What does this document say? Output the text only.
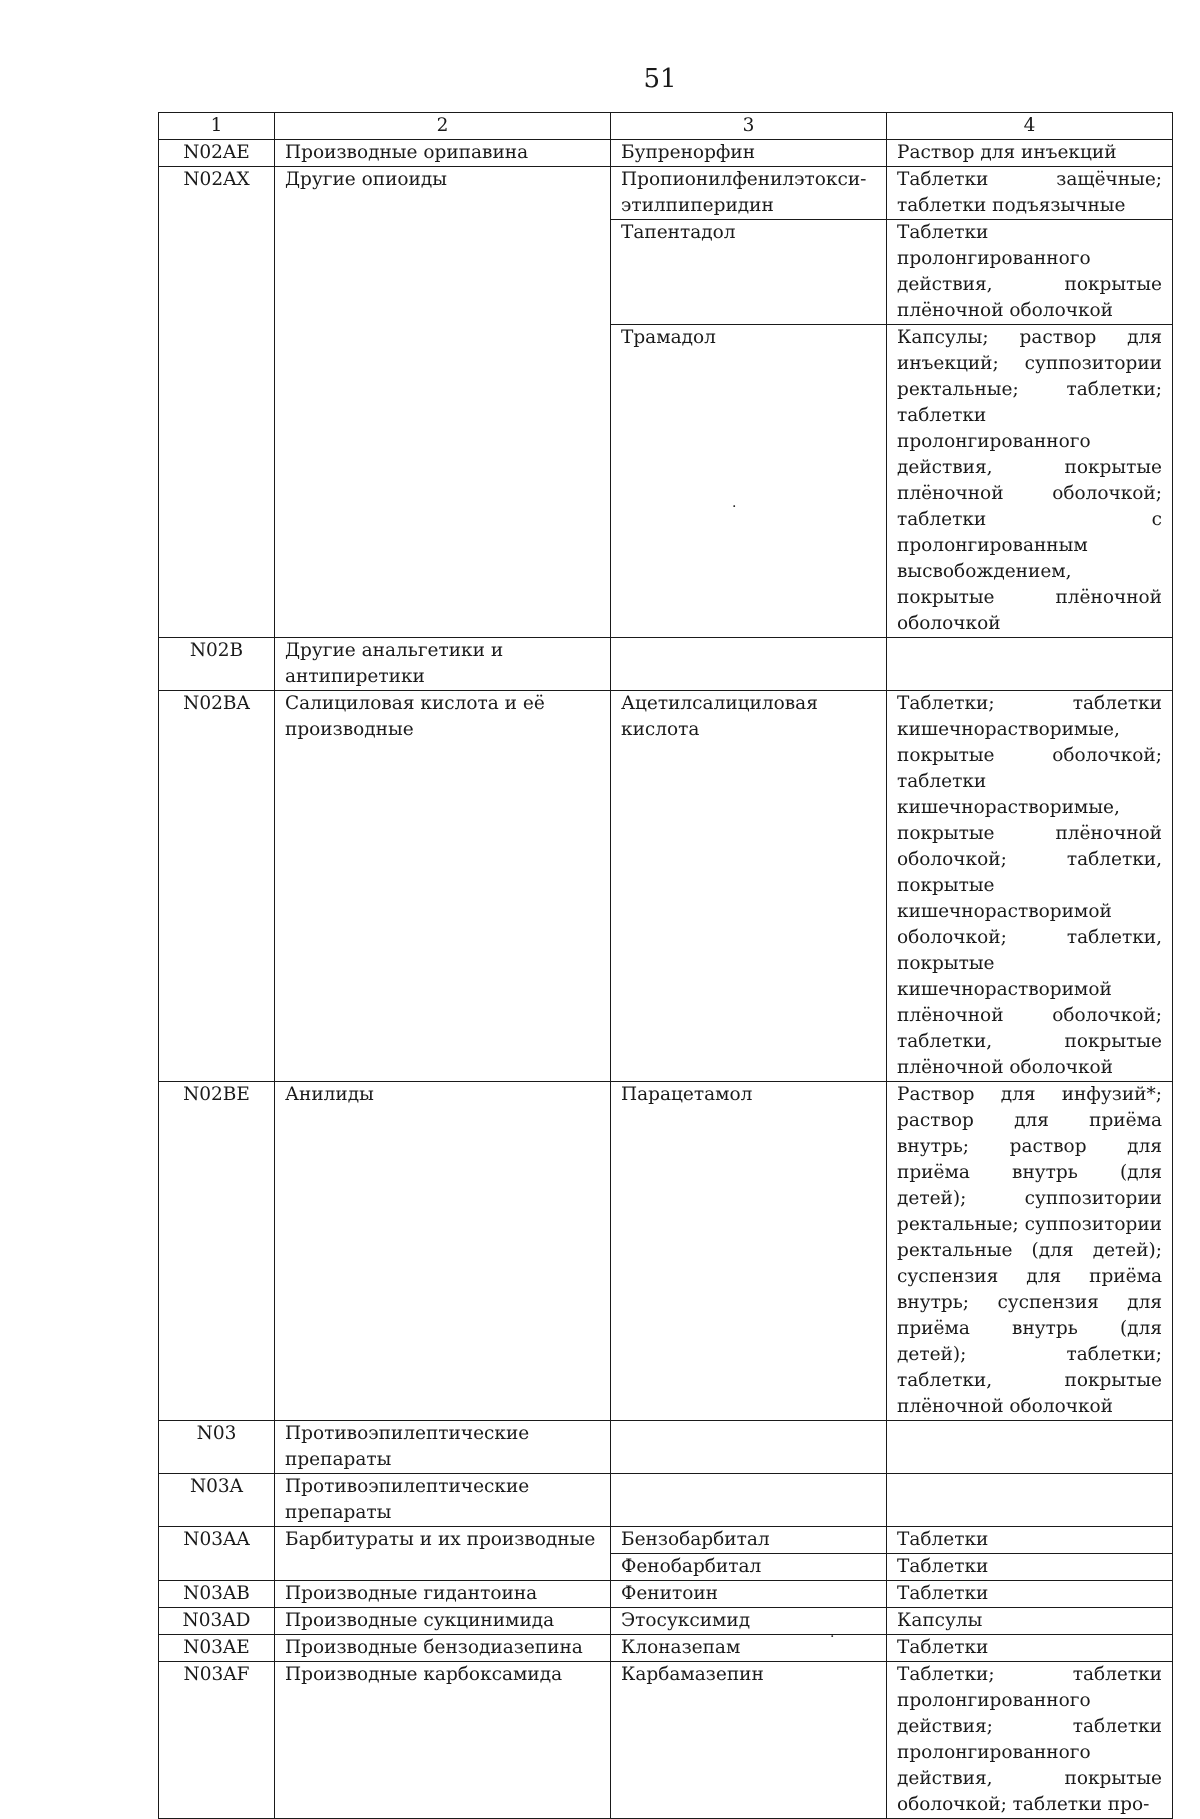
51
1	2	3	4
N02AE	Производные орипавина	Бупренорфин	Раствор для инъекций
N02AX	Другие опиоиды	Пропионилфенилэтокси-этилпиперидин	Таблетки защёчные; таблетки подъязычные
		Тапентадол	Таблетки пролонгированного действия, покрытые плёночной оболочкой
		Трамадол	Капсулы; раствор для инъекций; суппозитории ректальные; таблетки; таблетки пролонгированного действия, покрытые плёночной оболочкой; таблетки с пролонгированным высвобождением, покрытые плёночной оболочкой
N02B	Другие анальгетики и антипиретики		
N02BA	Салициловая кислота и её производные	Ацетилсалициловая кислота	Таблетки; таблетки кишечнорастворимые, покрытые оболочкой; таблетки кишечнорастворимые, покрытые плёночной оболочкой; таблетки, покрытые кишечнорастворимой оболочкой; таблетки, покрытые кишечнорастворимой плёночной оболочкой; таблетки, покрытые плёночной оболочкой
N02BE	Анилиды	Парацетамол	Раствор для инфузий*; раствор для приёма внутрь; раствор для приёма внутрь (для детей); суппозитории ректальные; суппозитории ректальные (для детей); суспензия для приёма внутрь; суспензия для приёма внутрь (для детей); таблетки; таблетки, покрытые плёночной оболочкой
N03	Противоэпилептические препараты		
N03A	Противоэпилептические препараты		
N03AA	Барбитураты и их производные	Бензобарбитал	Таблетки
		Фенобарбитал	Таблетки
N03AB	Производные гидантоина	Фенитоин	Таблетки
N03AD	Производные сукцинимида	Этосуксимид	Капсулы
N03AE	Производные бензодиазепина	Клоназепам	Таблетки
N03AF	Производные карбоксамида	Карбамазепин	Таблетки; таблетки пролонгированного действия; таблетки пролонгированного действия, покрытые оболочкой; таблетки про-
·
·
